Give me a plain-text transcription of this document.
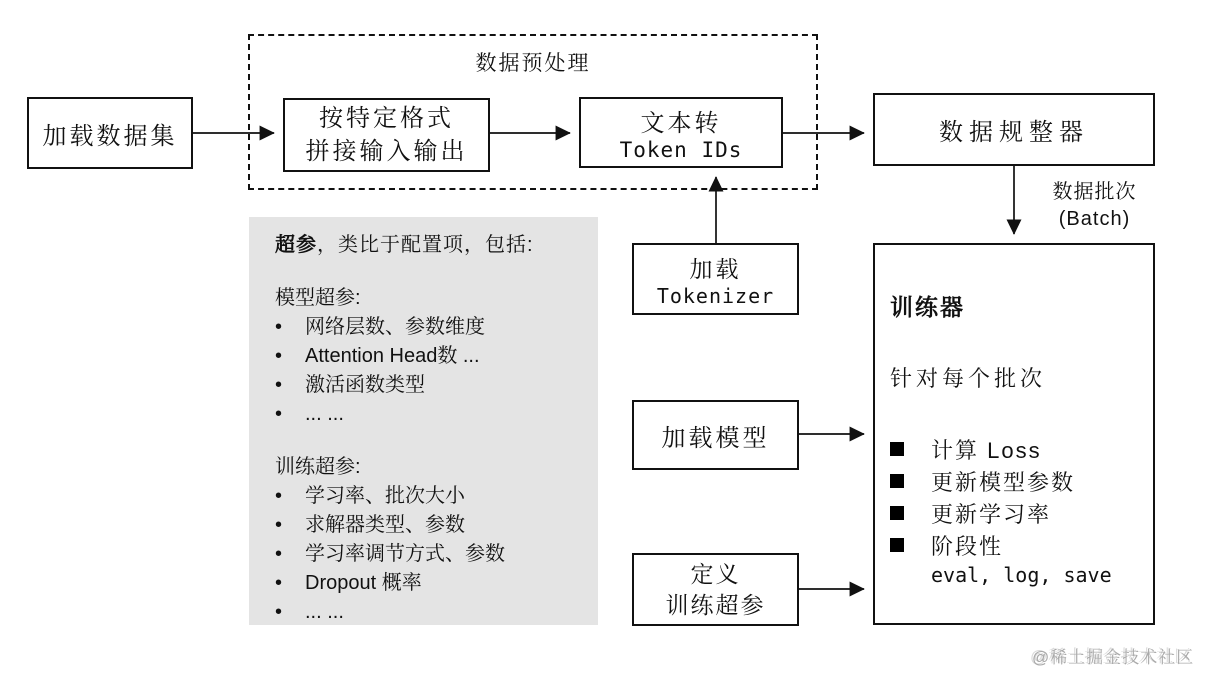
加载数据集
数据预处理
按特定格式
拼接输入输出
文本转
Token IDs
数据规整器
数据批次
(Batch)
加载
Tokenizer
加载模型
定义
训练超参
训练器
针对每个批次
计算 Loss
更新模型参数
更新学习率
阶段性
eval, log, save
超参，类比于配置项，包括:
模型超参:
• 网络层数、参数维度
• Attention Head数 ...
• 激活函数类型
• ... ...
训练超参:
• 学习率、批次大小
• 求解器类型、参数
• 学习率调节方式、参数
• Dropout 概率
• ... ...
@稀土掘金技术社区
